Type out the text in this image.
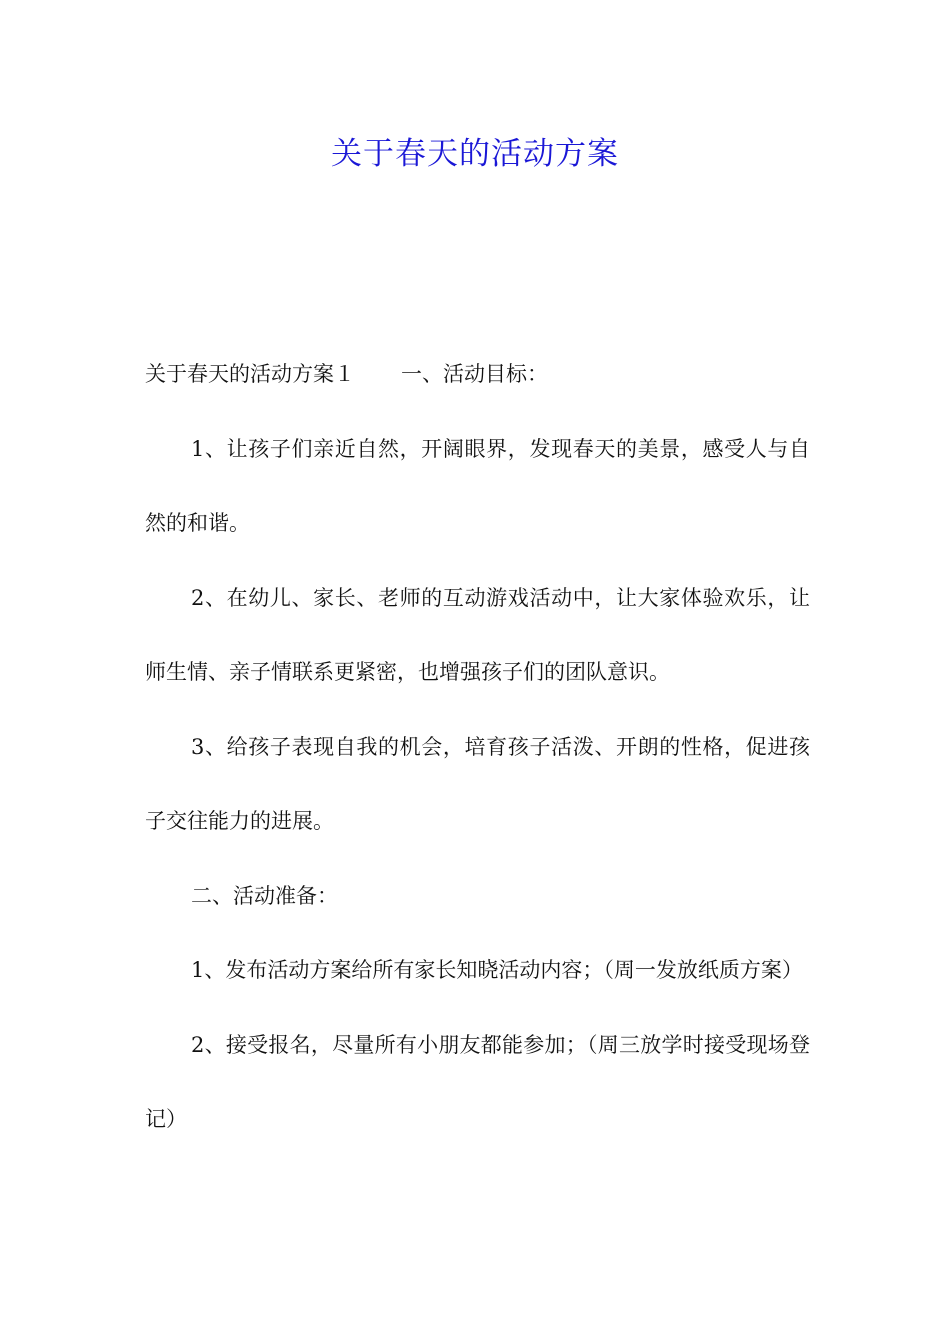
关于春天的活动方案

关于春天的活动方案１ 一、活动目标：

1、让孩子们亲近自然，开阔眼界，发现春天的美景，感受人与自然的和谐。

2、在幼儿、家长、老师的互动游戏活动中，让大家体验欢乐，让师生情、亲子情联系更紧密，也增强孩子们的团队意识。

3、给孩子表现自我的机会，培育孩子活泼、开朗的性格，促进孩子交往能力的进展。

二、活动准备：

1、发布活动方案给所有家长知晓活动内容；（周一发放纸质方案）

2、接受报名，尽量所有小朋友都能参加；（周三放学时接受现场登记）
